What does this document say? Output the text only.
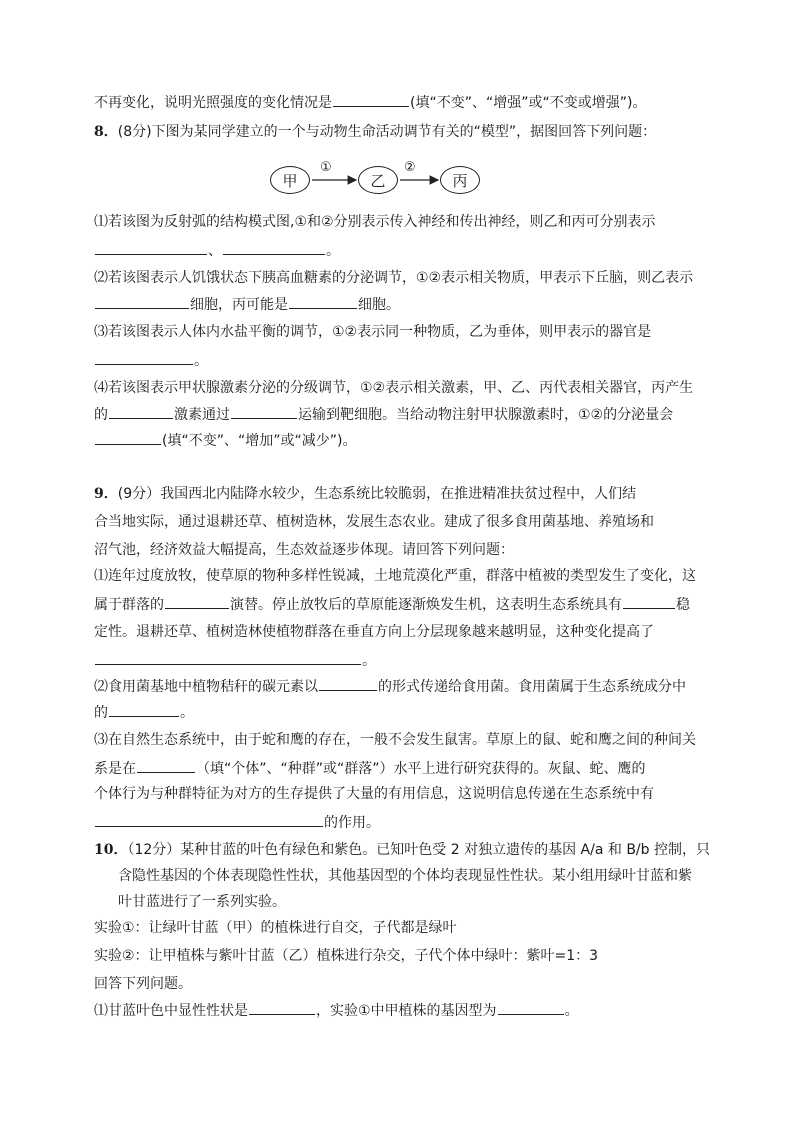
不再变化，说明光照强度的变化情况是	(填“不变”、“增强”或“不变或增强”)。
8．(8分)下图为某同学建立的一个与动物生命活动调节有关的“模型”，据图回答下列问题：
甲	乙	丙
①	②
⑴若该图为反射弧的结构模式图,①和②分别表示传入神经和传出神经，则乙和丙可分别表示
、	。
⑵若该图表示人饥饿状态下胰高血糖素的分泌调节，①②表示相关物质，甲表示下丘脑，则乙表示
细胞，丙可能是	细胞。
⑶若该图表示人体内水盐平衡的调节，①②表示同一种物质，乙为垂体，则甲表示的器官是
。
⑷若该图表示甲状腺激素分泌的分级调节，①②表示相关激素，甲、乙、丙代表相关器官，丙产生
的	激素通过	运输到靶细胞。当给动物注射甲状腺激素时，①②的分泌量会
(填“不变”、“增加”或“减少”)。
9．(9分）我国西北内陆降水较少，生态系统比较脆弱，在推进精准扶贫过程中，人们结
合当地实际，通过退耕还草、植树造林，发展生态农业。建成了很多食用菌基地、养殖场和
沼气池，经济效益大幅提高，生态效益逐步体现。请回答下列问题：
⑴连年过度放牧，使草原的物种多样性锐减，土地荒漠化严重，群落中植被的类型发生了变化，这
属于群落的	演替。停止放牧后的草原能逐渐焕发生机，这表明生态系统具有	稳
定性。退耕还草、植树造林使植物群落在垂直方向上分层现象越来越明显，这种变化提高了
。
⑵食用菌基地中植物秸秆的碳元素以	的形式传递给食用菌。食用菌属于生态系统成分中
的	。
⑶在自然生态系统中，由于蛇和鹰的存在，一般不会发生鼠害。草原上的鼠、蛇和鹰之间的种间关
系是在	（填“个体”、“种群”或“群落”）水平上进行研究获得的。灰鼠、蛇、鹰的
个体行为与种群特征为对方的生存提供了大量的有用信息，这说明信息传递在生态系统中有
的作用。
10．（12分）某种甘蓝的叶色有绿色和紫色。已知叶色受 2 对独立遗传的基因 A/a 和 B/b 控制，只
含隐性基因的个体表现隐性性状，其他基因型的个体均表现显性性状。某小组用绿叶甘蓝和紫
叶甘蓝进行了一系列实验。
实验①：让绿叶甘蓝（甲）的植株进行自交，子代都是绿叶
实验②：让甲植株与紫叶甘蓝（乙）植株进行杂交，子代个体中绿叶：紫叶=1：3
回答下列问题。
⑴甘蓝叶色中显性性状是	，实验①中甲植株的基因型为	。
